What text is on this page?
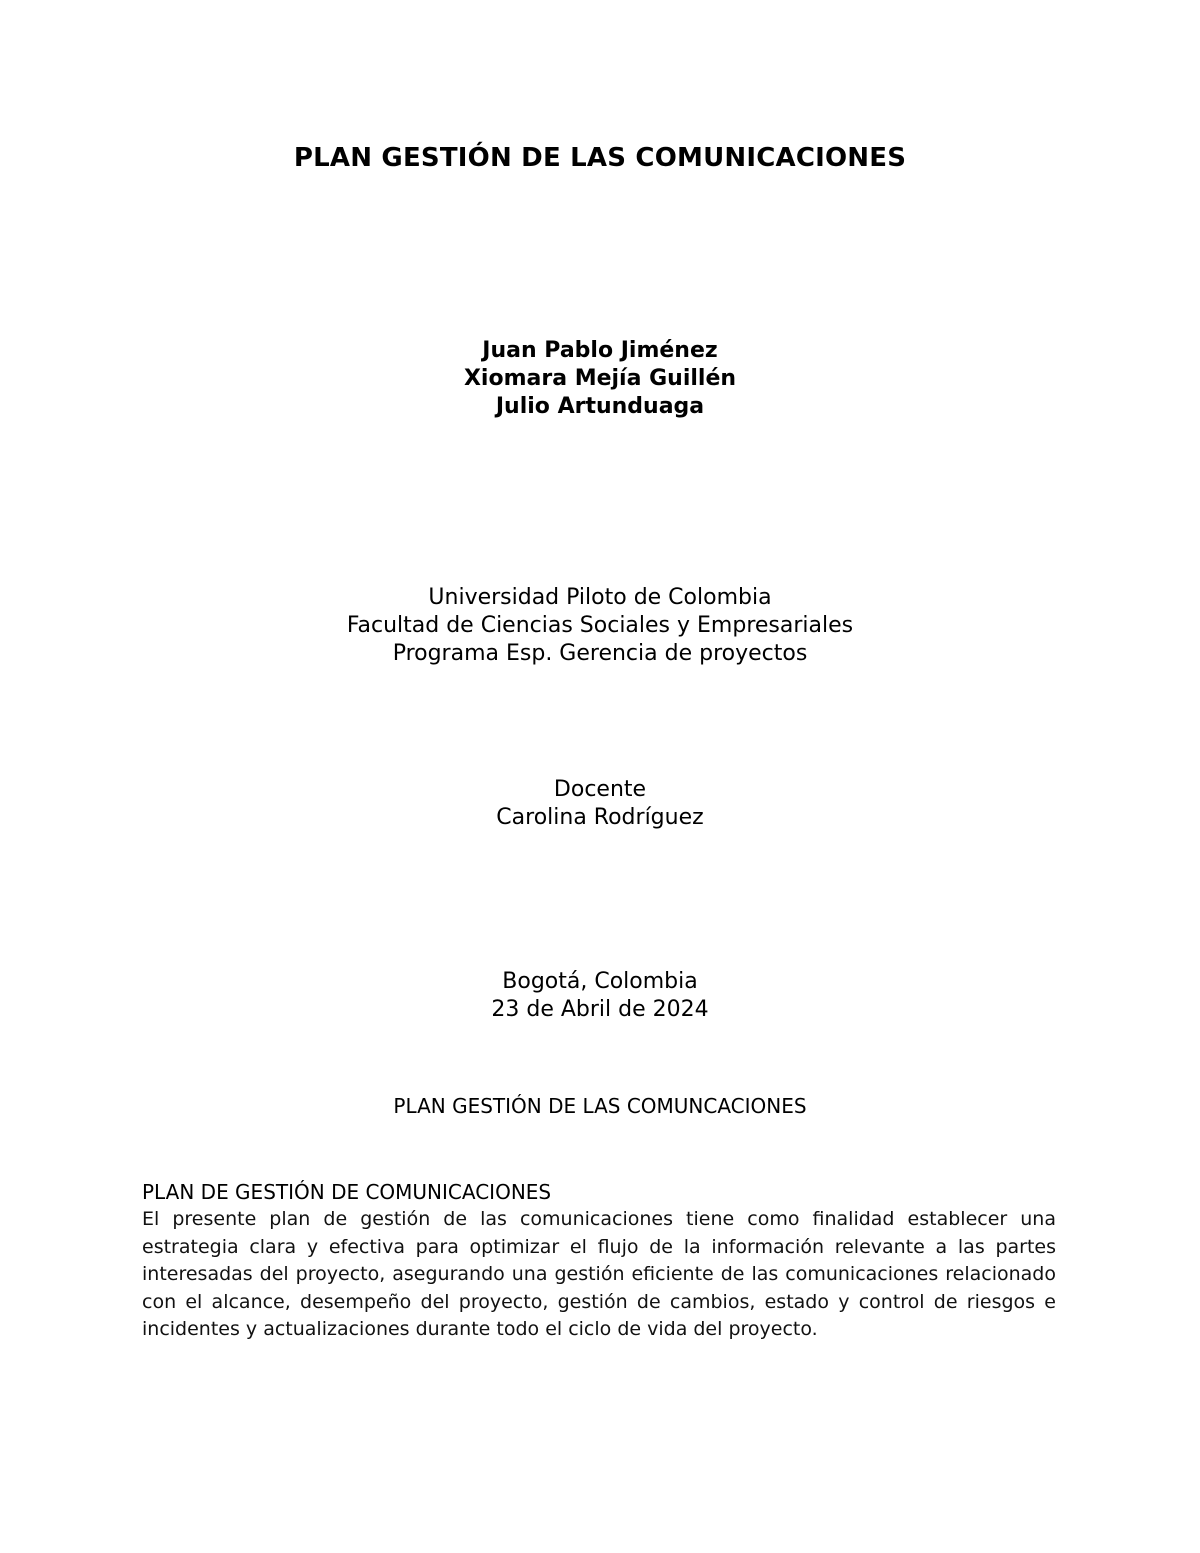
PLAN GESTIÓN DE LAS COMUNICACIONES
Juan Pablo Jiménez
Xiomara Mejía Guillén
Julio Artunduaga
Universidad Piloto de Colombia
Facultad de Ciencias Sociales y Empresariales
Programa Esp. Gerencia de proyectos
Docente
Carolina Rodríguez
Bogotá, Colombia
23 de Abril de 2024
PLAN GESTIÓN DE LAS COMUNCACIONES
PLAN DE GESTIÓN DE COMUNICACIONES
El presente plan de gestión de las comunicaciones tiene como finalidad establecer una estrategia clara y efectiva para optimizar el flujo de la información relevante a las partes interesadas del proyecto, asegurando una gestión eficiente de las comunicaciones relacionado con el alcance, desempeño del proyecto, gestión de cambios, estado y control de riesgos e incidentes y actualizaciones durante todo el ciclo de vida del proyecto.
